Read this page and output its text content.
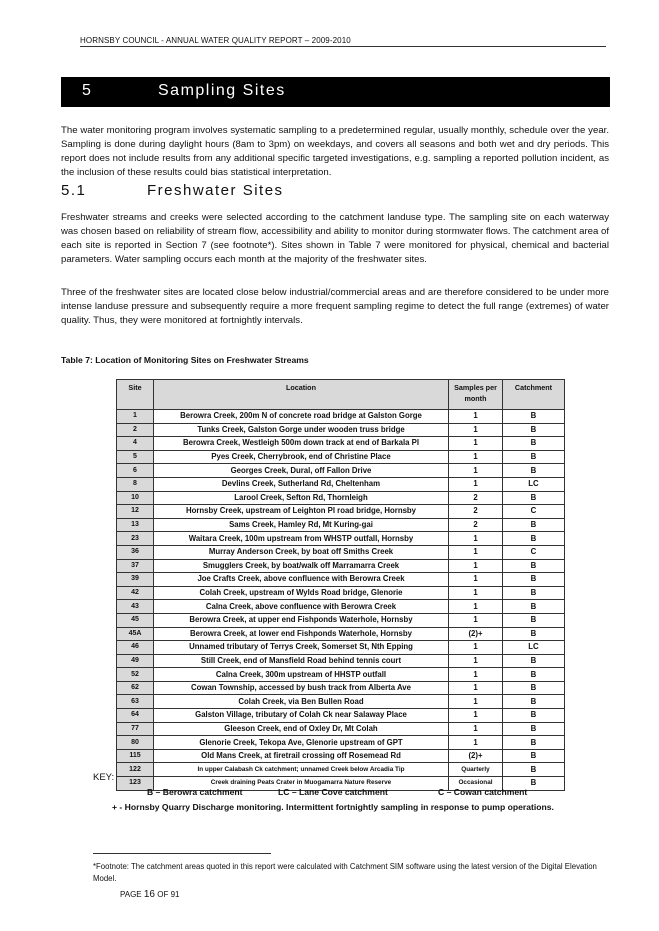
HORNSBY COUNCIL - ANNUAL WATER QUALITY REPORT – 2009-2010
5	Sampling Sites

The water monitoring program involves systematic sampling to a predetermined regular, usually monthly, schedule over the year. Sampling is done during daylight hours (8am to 3pm) on weekdays, and covers all seasons and both wet and dry periods. This report does not include results from any additional specific targeted investigations, e.g. sampling a reported pollution incident, as the inclusion of these results could bias statistical interpretation.

5.1	Freshwater Sites

Freshwater streams and creeks were selected according to the catchment landuse type. The sampling site on each waterway was chosen based on reliability of stream flow, accessibility and ability to monitor during stormwater flows. The catchment area of each site is reported in Section 7 (see footnote*). Sites shown in Table 7 were monitored for physical, chemical and bacterial parameters. Water sampling occurs each month at the majority of the freshwater sites.

Three of the freshwater sites are located close below industrial/commercial areas and are therefore considered to be under more intense landuse pressure and subsequently require a more frequent sampling regime to detect the full range (extremes) of water quality. Thus, they were monitored at fortnightly intervals.

Table 7: Location of Monitoring Sites on Freshwater Streams
Site	Location	Samples per month	Catchment
1	Berowra Creek, 200m N of concrete road bridge at Galston Gorge	1	B
2	Tunks Creek, Galston Gorge under wooden truss bridge	1	B
4	Berowra Creek, Westleigh 500m down track at end of Barkala Pl	1	B
5	Pyes Creek, Cherrybrook, end of Christine Place	1	B
6	Georges Creek, Dural, off Fallon Drive	1	B
8	Devlins Creek, Sutherland Rd, Cheltenham	1	LC
10	Larool Creek, Sefton Rd, Thornleigh	2	B
12	Hornsby Creek, upstream of Leighton Pl road bridge, Hornsby	2	C
13	Sams Creek, Hamley Rd, Mt Kuring-gai	2	B
23	Waitara Creek, 100m upstream from WHSTP outfall, Hornsby	1	B
36	Murray Anderson Creek, by boat off Smiths Creek	1	C
37	Smugglers Creek, by boat/walk off Marramarra Creek	1	B
39	Joe Crafts Creek, above confluence with Berowra Creek	1	B
42	Colah Creek, upstream of Wylds Road bridge, Glenorie	1	B
43	Calna Creek, above confluence with Berowra Creek	1	B
45	Berowra Creek, at upper end Fishponds Waterhole, Hornsby	1	B
45A	Berowra Creek, at lower end Fishponds Waterhole, Hornsby	(2)+	B
46	Unnamed tributary of Terrys Creek, Somerset St, Nth Epping	1	LC
49	Still Creek, end of Mansfield Road behind tennis court	1	B
52	Calna Creek, 300m upstream of HHSTP outfall	1	B
62	Cowan Township, accessed by bush track from Alberta Ave	1	B
63	Colah Creek, via Ben Bullen Road	1	B
64	Galston Village, tributary of Colah Ck near Salaway Place	1	B
77	Gleeson Creek, end of Oxley Dr, Mt Colah	1	B
80	Glenorie Creek, Tekopa Ave, Glenorie upstream of GPT	1	B
115	Old Mans Creek, at firetrail crossing off Rosemead Rd	(2)+	B
122	In upper Calabash Ck catchment; unnamed Creek below Arcadia Tip	Quarterly	B
123	Creek draining Peats Crater in Muogamarra Nature Reserve	Occasional	B
KEY:
B – Berowra catchment	LC – Lane Cove catchment	C – Cowan catchment
+ - Hornsby Quarry Discharge monitoring. Intermittent fortnightly sampling in response to pump operations.
*Footnote: The catchment areas quoted in this report were calculated with Catchment SIM software using the latest version of the Digital Elevation Model.
PAGE 16 OF 91
